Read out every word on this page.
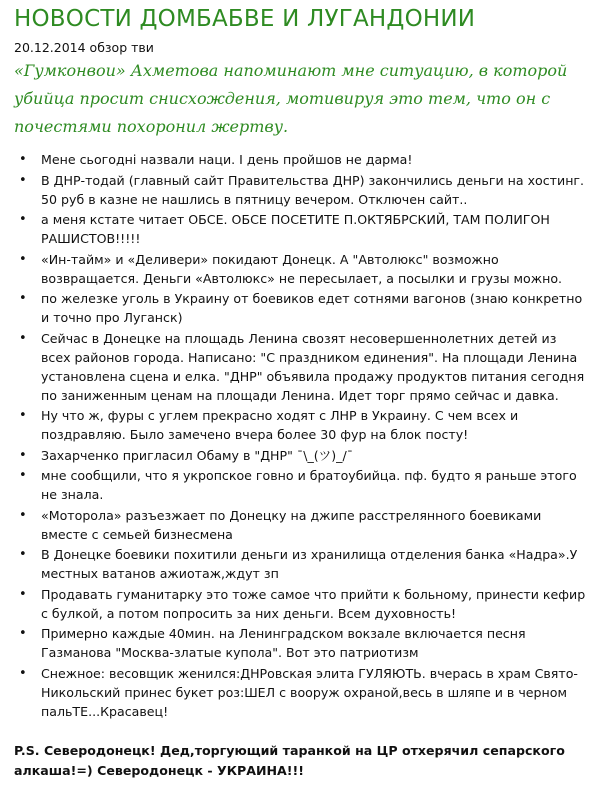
НОВОСТИ ДОМБАБВЕ И ЛУГАНДОНИИ
20.12.2014 обзор тви
«Гумконвои» Ахметова напоминают мне ситуацию, в которой убийца просит снисхождения, мотивируя это тем, что он с почестями похоронил жертву.
• Мене сьогодні назвали наци. І день пройшов не дарма!
• В ДНР-тодай (главный сайт Правительства ДНР) закончились деньги на хостинг. 50 руб в казне не нашлись в пятницу вечером. Отключен сайт..
• а меня кстате читает ОБСЕ. ОБСЕ ПОСЕТИТЕ П.ОКТЯБРСКИЙ, ТАМ ПОЛИГОН РАШИСТОВ!!!!!
• «Ин-тайм» и «Деливери» покидают Донецк. А "Автолюкс" возможно возвращается. Деньги «Автолюкс» не пересылает, а посылки и грузы можно.
• по железке уголь в Украину от боевиков едет сотнями вагонов (знаю конкретно и точно про Луганск)
• Сейчас в Донецке на площадь Ленина свозят несовершеннолетних детей из всех районов города. Написано: "С праздником единения". На площади Ленина установлена сцена и елка. "ДНР" объявила продажу продуктов питания сегодня по заниженным ценам на площади Ленина. Идет торг прямо сейчас и давка.
• Ну что ж, фуры с углем прекрасно ходят с ЛНР в Украину. С чем всех и поздравляю. Было замечено вчера более 30 фур на блок посту!
• Захарченко пригласил Обаму в "ДНР" ¯\_(ツ)_/¯
• мне сообщили, что я укропское говно и братоубийца. пф. будто я раньше этого не знала.
• «Моторола» разъезжает по Донецку на джипе расстрелянного боевиками вместе с семьей бизнесмена
• В Донецке боевики похитили деньги из хранилища отделения банка «Надра».У местных ватанов ажиотаж,ждут зп
• Продавать гуманитарку это тоже самое что прийти к больному, принести кефир с булкой, а потом попросить за них деньги. Всем духовность!
• Примерно каждые 40мин. на Ленинградском вокзале включается песня Газманова "Москва-златые купола". Вот это патриотизм
• Снежное: весовщик женился:ДНРовская элита ГУЛЯЮТЬ. вчерась в храм Свято-Никольский принес букет роз:ШЕЛ с вооруж охраной,весь в шляпе и в черном пальТЕ...Красавец!
P.S. Северодонецк! Дед,торгующий таранкой на ЦР отхерячил сепарского алкаша!=) Северодонецк - УКРАИНА!!!
